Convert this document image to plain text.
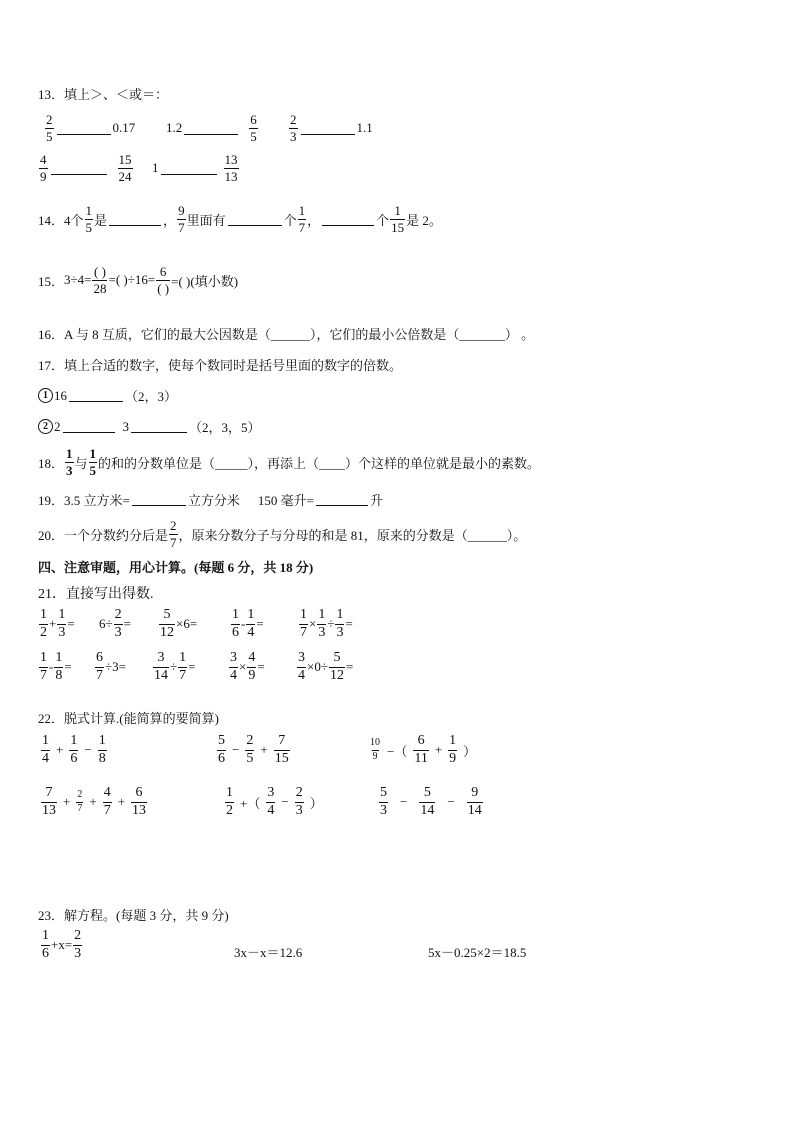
13．填上＞、＜或＝：
$\frac{2}{5}$	0.17 1.2	$\frac{6}{5} \frac{2}{3}$	1.1
$\frac{4}{9}$	$\frac{15}{24} 1$	$\frac{13}{13}$
14． 4个 $\frac{1}{5}$ 是	， $\frac{9}{7}$ 里面有	个 $\frac{1}{7}$ ，	个 $\frac{1}{15}$ 是 2。
15． $3\div 4= \frac{( )}{28}$ =( )$\div 16= \frac{6}{( )}$ =( )(填小数)
16．A 与 8 互质，它们的最大公因数是（______），它们的最小公倍数是（_______） 。
17．填上合适的数字，使每个数同时是括号里面的数字的倍数。
1 16	（2，3）
2 2	3	（2，3，5）
18． $\frac{1}{3}$ 与 $\frac{1}{5}$ 的和的分数单位是（_____），再添上（____）个这样的单位就是最小的素数。
19．3.5 立方米=	立方分米 150 毫升=	升
20．一个分数约分后是 $\frac{2}{7}$ ，原来分数分子与分母的和是 81，原来的分数是（______）。
四、注意审题，用心计算。(每题 6 分，共 18 分)
21．直接写出得数.
$\frac{1}{2} + \frac{1}{3} = 6\div \frac{2}{3} = \frac{5}{12} \times 6= \frac{1}{6} - \frac{1}{4}$ =	$\frac{1}{7} \times \frac{1}{3} \div \frac{1}{3}$ =
$\frac{1}{7} - \frac{1}{8} = \frac{6}{7} \div 3= \frac{3}{14} \div \frac{1}{7} = \frac{3}{4} \times \frac{4}{9} = \frac{3}{4} \times 0\div \frac{5}{12}$ =
22．脱式计算.(能简算的要简算)
$\frac{1}{4} + \frac{1}{6} - \frac{1}{8}$	$\frac{5}{6} - \frac{2}{5} + \frac{7}{15}$	$\frac{10}{9}$ −（ $\frac{6}{11} + \frac{1}{9}$ ）
$\frac{7}{13} + \frac{2}{7} + \frac{4}{7} + \frac{6}{13}$	$\frac{1}{2}$ +（ $\frac{3}{4} - \frac{2}{3}$ ）	$\frac{5}{3} - \frac{5}{14} - \frac{9}{14}$
23．解方程。(每题 3 分，共 9 分)
$\frac{1}{6} +x= \frac{2}{3}$	3x－x＝12.6	5x－0.25×2＝18.5
